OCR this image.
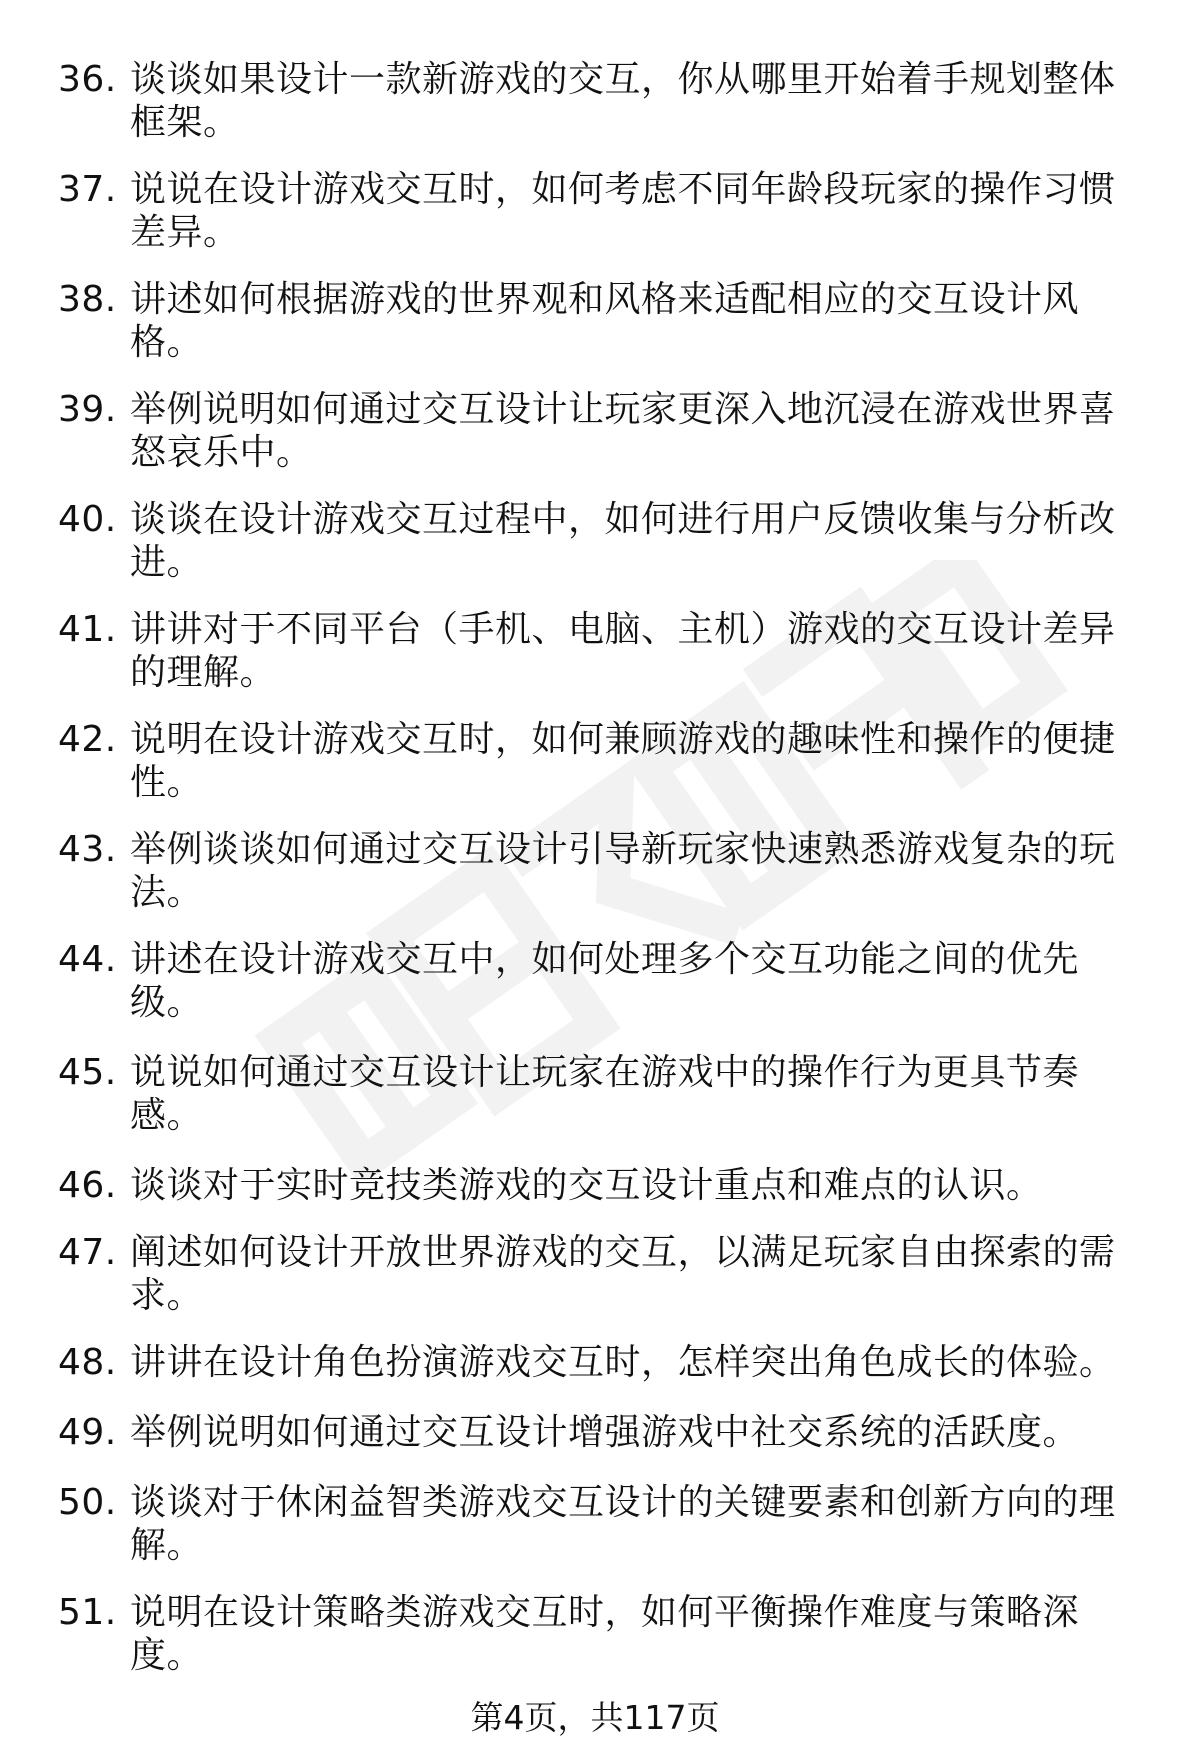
36. 谈谈如果设计一款新游戏的交互，你从哪里开始着手规划整体框架。
37. 说说在设计游戏交互时，如何考虑不同年龄段玩家的操作习惯差异。
38. 讲述如何根据游戏的世界观和风格来适配相应的交互设计风格。
39. 举例说明如何通过交互设计让玩家更深入地沉浸在游戏世界喜怒哀乐中。
40. 谈谈在设计游戏交互过程中，如何进行用户反馈收集与分析改进。
41. 讲讲对于不同平台（手机、电脑、主机）游戏的交互设计差异的理解。
42. 说明在设计游戏交互时，如何兼顾游戏的趣味性和操作的便捷性。
43. 举例谈谈如何通过交互设计引导新玩家快速熟悉游戏复杂的玩法。
44. 讲述在设计游戏交互中，如何处理多个交互功能之间的优先级。
45. 说说如何通过交互设计让玩家在游戏中的操作行为更具节奏感。
46. 谈谈对于实时竞技类游戏的交互设计重点和难点的认识。
47. 阐述如何设计开放世界游戏的交互，以满足玩家自由探索的需求。
48. 讲讲在设计角色扮演游戏交互时，怎样突出角色成长的体验。
49. 举例说明如何通过交互设计增强游戏中社交系统的活跃度。
50. 谈谈对于休闲益智类游戏交互设计的关键要素和创新方向的理解。
51. 说明在设计策略类游戏交互时，如何平衡操作难度与策略深度。
第4页，共117页
